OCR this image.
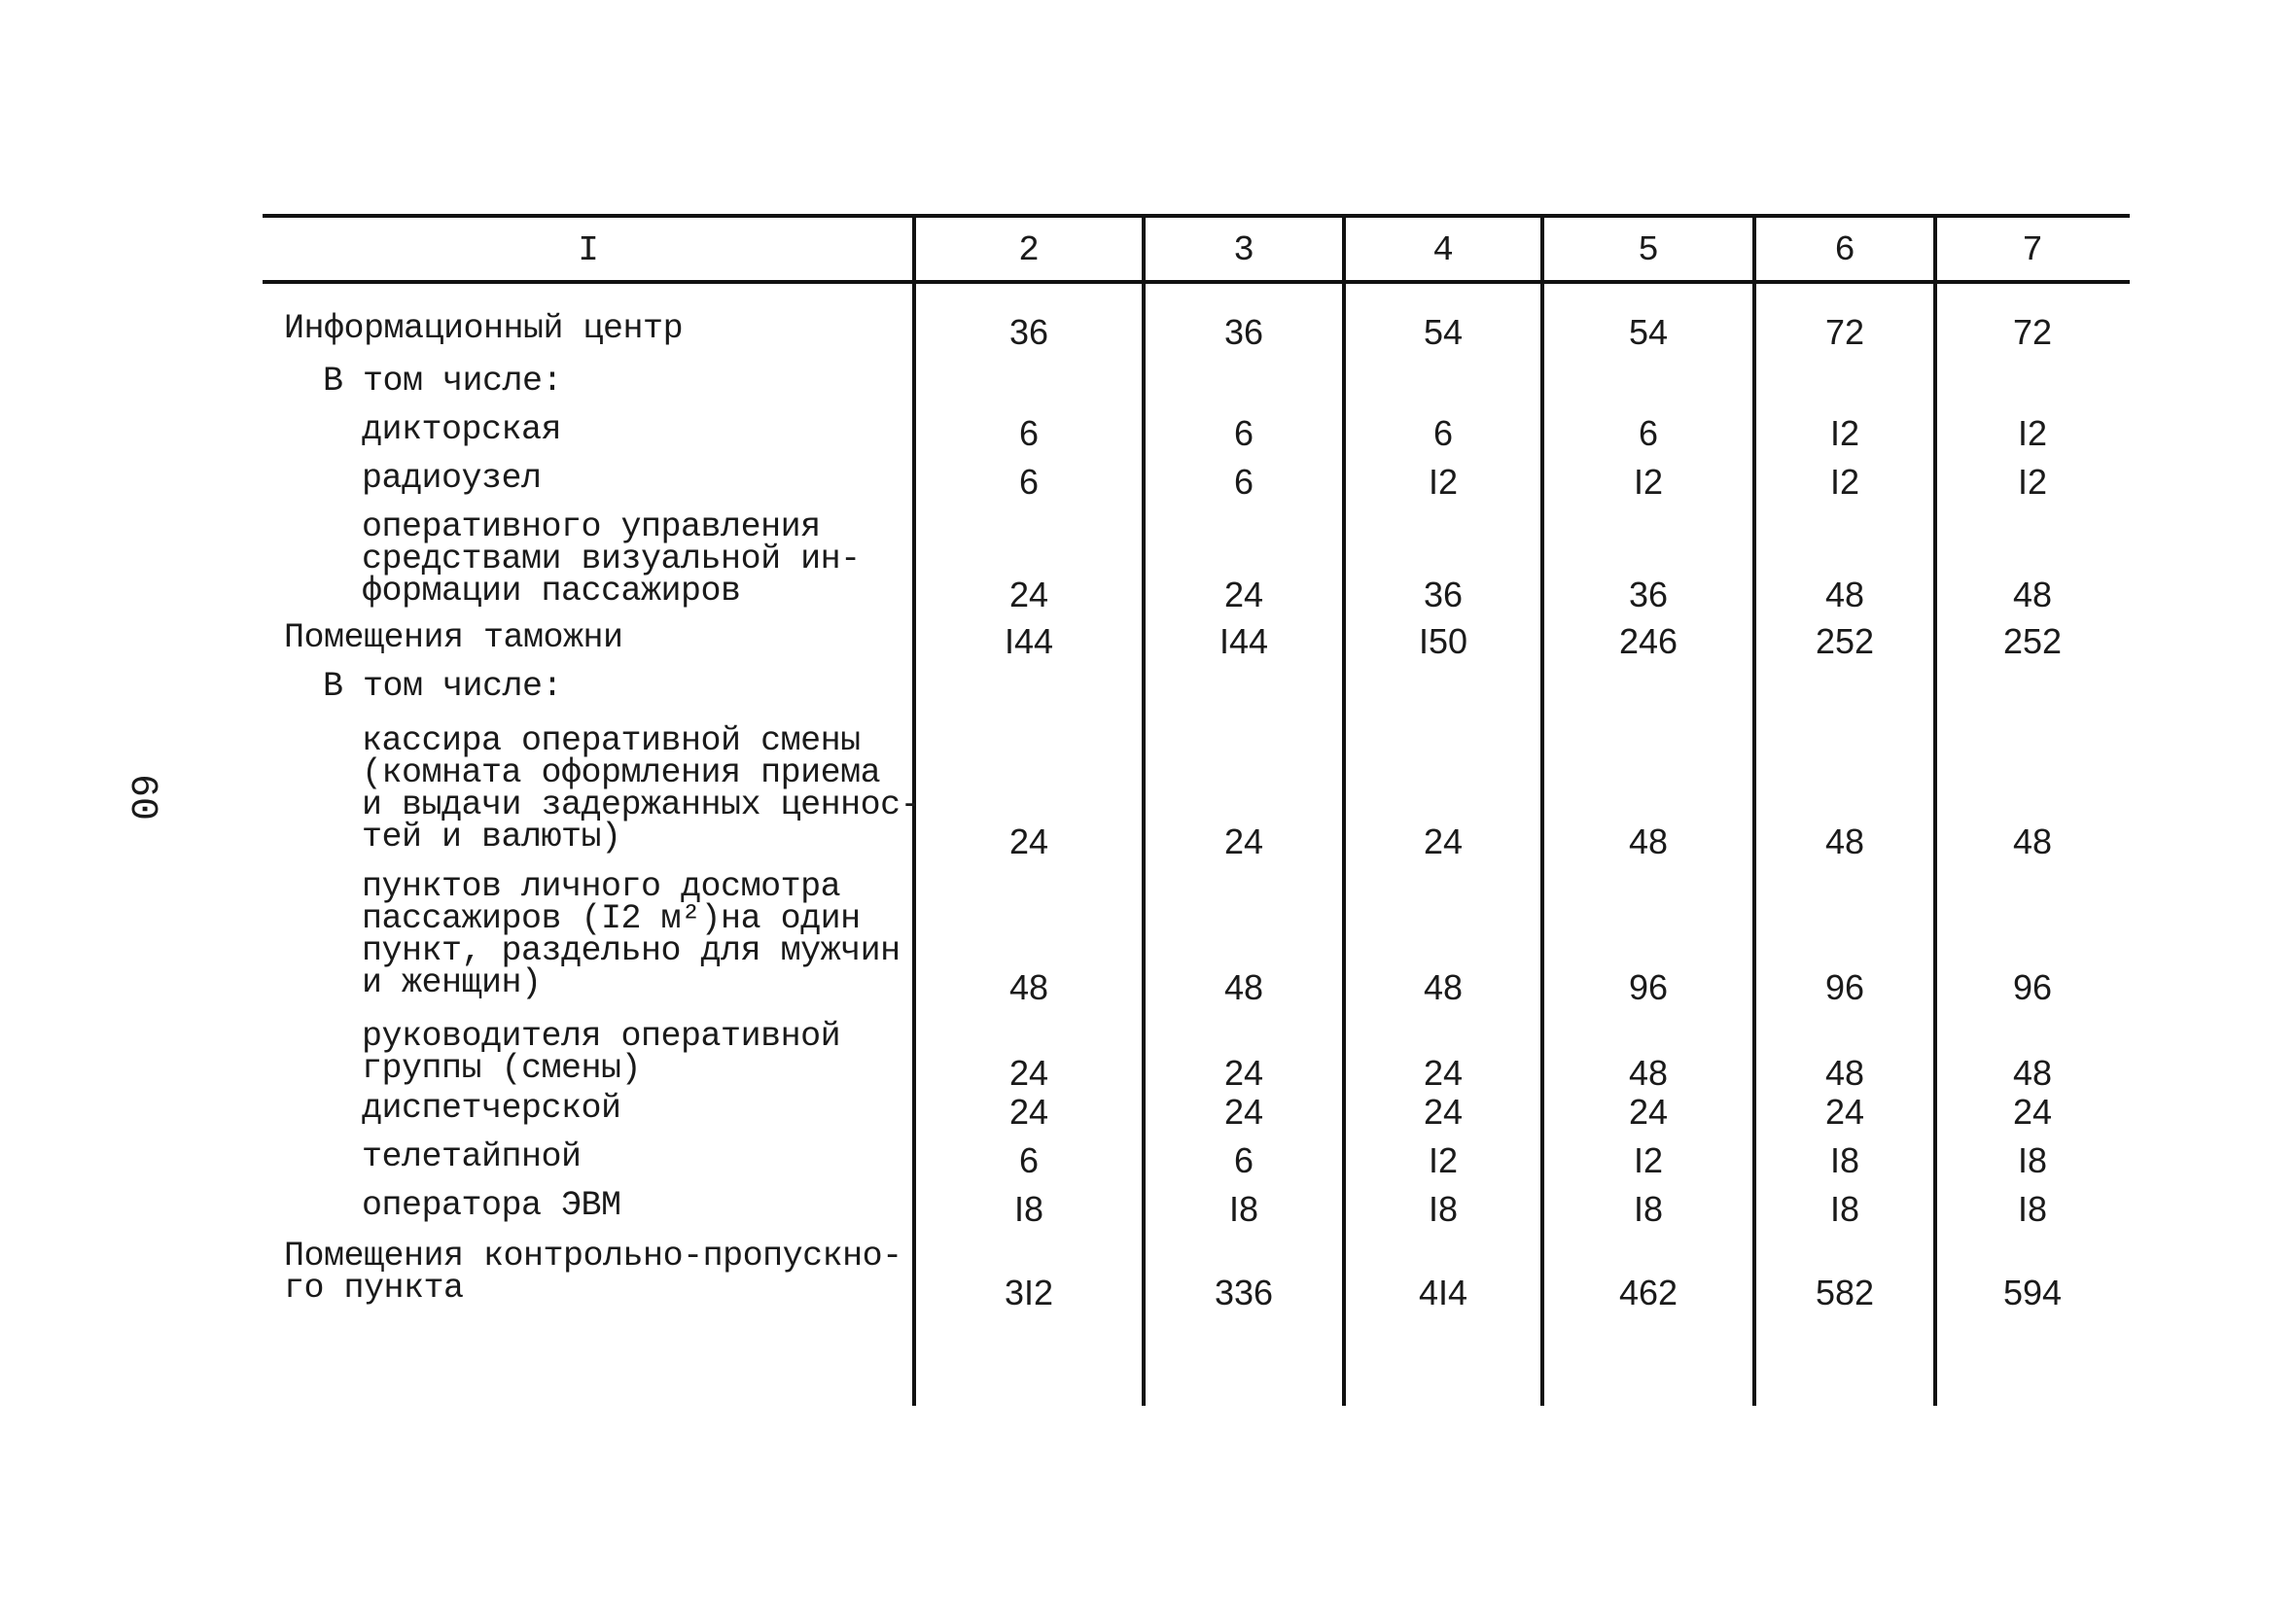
60
I	2	3	4	5	6	7
Информационный центр	36	36	54	54	72	72
В том числе:
дикторская	6	6	6	6	I2	I2
радиоузел	6	6	I2	I2	I2	I2
оперативного управления
средствами визуальной ин-
формации пассажиров	24	24	36	36	48	48
Помещения таможни	I44	I44	I50	246	252	252
В том числе:
кассира оперативной смены
(комната оформления приема
и выдачи задержанных ценнос-
тей и валюты)	24	24	24	48	48	48
пунктов личного досмотра
пассажиров (I2 м²)на один
пункт, раздельно для мужчин
и женщин)	48	48	48	96	96	96
руководителя оперативной
группы (смены)	24	24	24	48	48	48
диспетчерской	24	24	24	24	24	24
телетайпной	6	6	I2	I2	I8	I8
оператора ЭВМ	I8	I8	I8	I8	I8	I8
Помещения контрольно-пропускно-
го пункта	3I2	336	4I4	462	582	594
